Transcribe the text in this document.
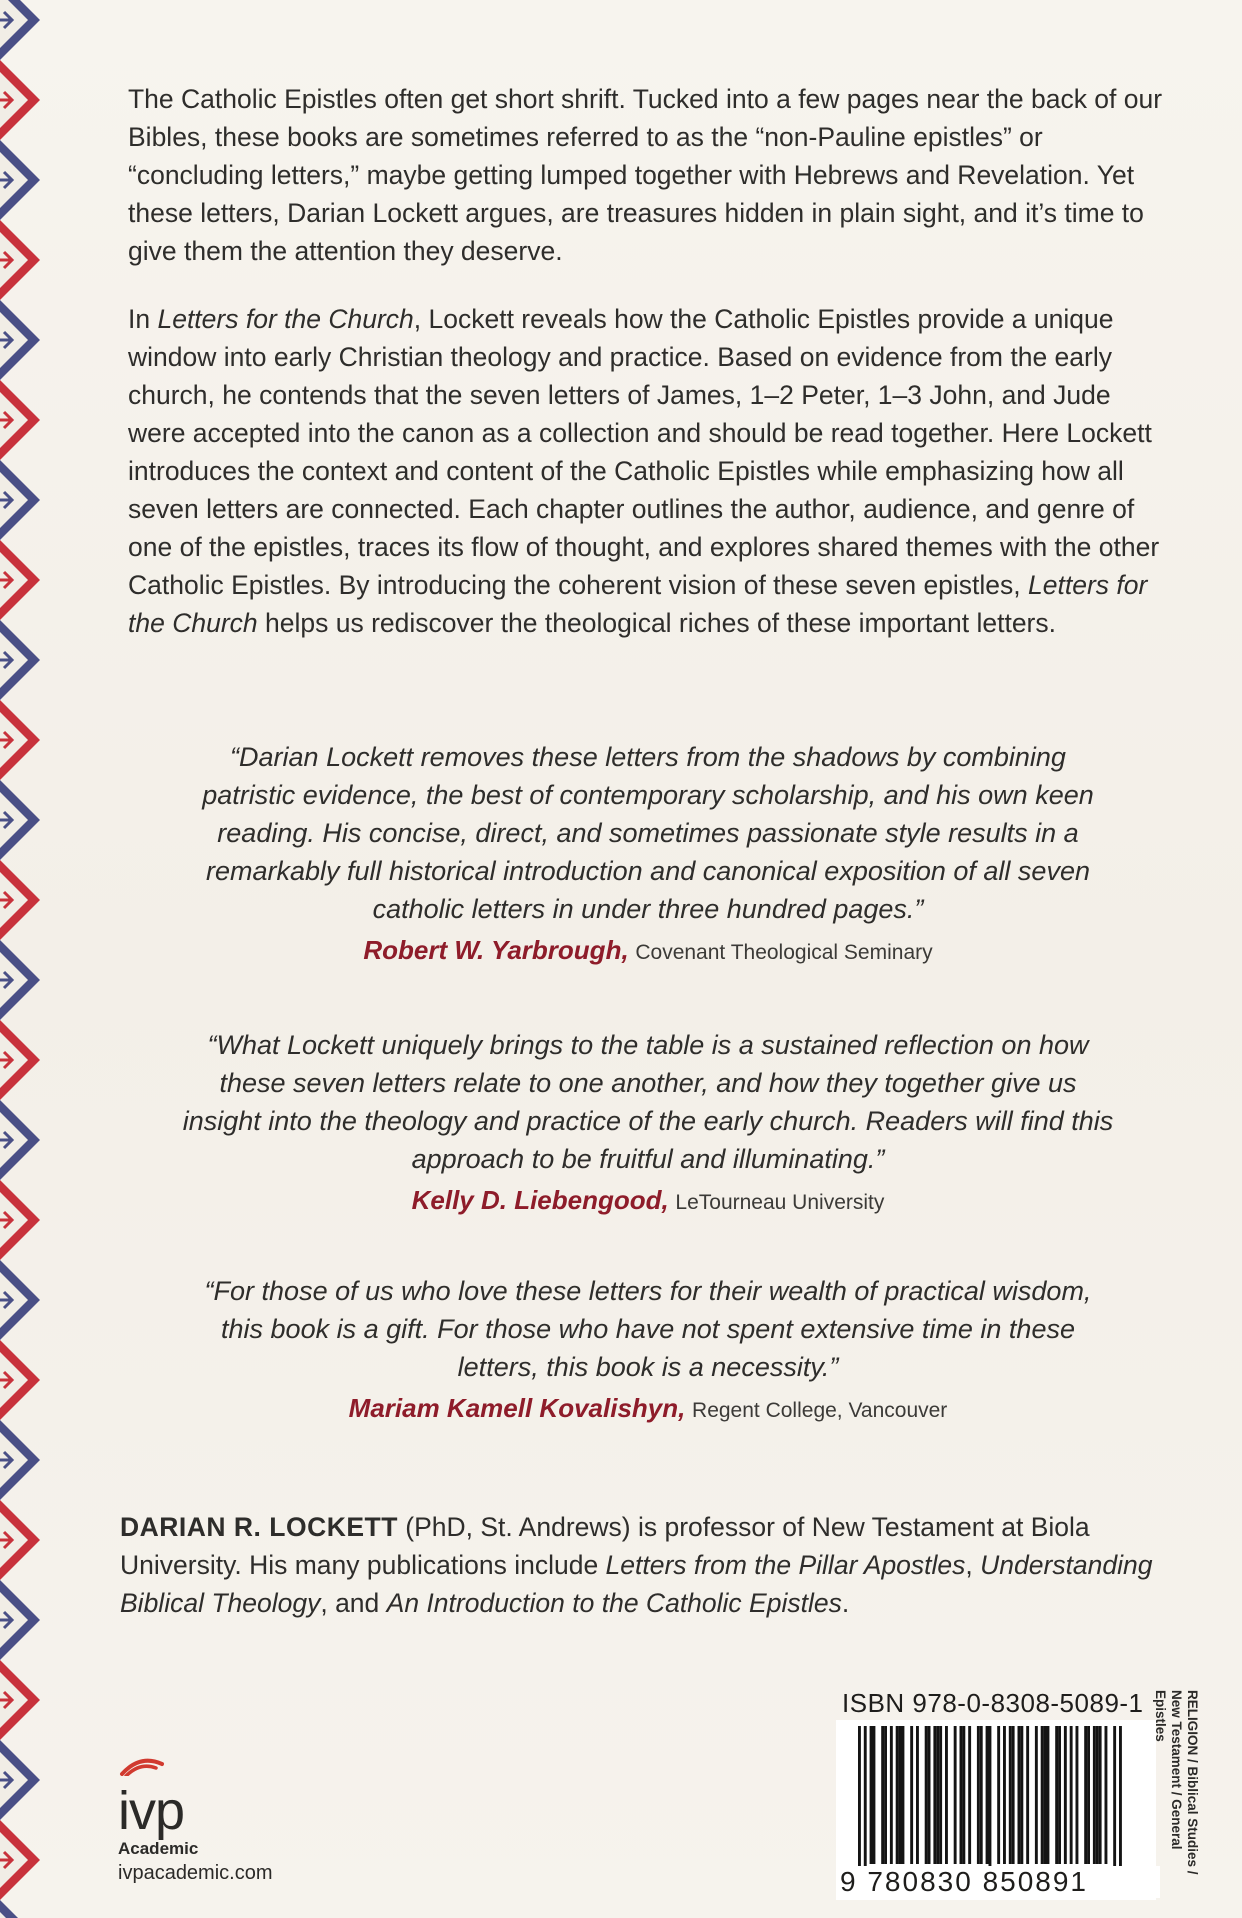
The Catholic Epistles often get short shrift. Tucked into a few pages near the back of our Bibles, these books are sometimes referred to as the “non-Pauline epistles” or “concluding letters,” maybe getting lumped together with Hebrews and Revelation. Yet these letters, Darian Lockett argues, are treasures hidden in plain sight, and it’s time to give them the attention they deserve.
In Letters for the Church, Lockett reveals how the Catholic Epistles provide a unique window into early Christian theology and practice. Based on evidence from the early church, he contends that the seven letters of James, 1–2 Peter, 1–3 John, and Jude were accepted into the canon as a collection and should be read together. Here Lockett introduces the context and content of the Catholic Epistles while emphasizing how all seven letters are connected. Each chapter outlines the author, audience, and genre of one of the epistles, traces its flow of thought, and explores shared themes with the other Catholic Epistles. By introducing the coherent vision of these seven epistles, Letters for the Church helps us rediscover the theological riches of these important letters.
“Darian Lockett removes these letters from the shadows by combining patristic evidence, the best of contemporary scholarship, and his own keen reading. His concise, direct, and sometimes passionate style results in a remarkably full historical introduction and canonical exposition of all seven catholic letters in under three hundred pages.”
Robert W. Yarbrough, Covenant Theological Seminary
“What Lockett uniquely brings to the table is a sustained reflection on how these seven letters relate to one another, and how they together give us insight into the theology and practice of the early church. Readers will find this approach to be fruitful and illuminating.”
Kelly D. Liebengood, LeTourneau University
“For those of us who love these letters for their wealth of practical wisdom, this book is a gift. For those who have not spent extensive time in these letters, this book is a necessity.”
Mariam Kamell Kovalishyn, Regent College, Vancouver
DARIAN R. LOCKETT (PhD, St. Andrews) is professor of New Testament at Biola University. His many publications include Letters from the Pillar Apostles, Understanding Biblical Theology, and An Introduction to the Catholic Epistles.
ivp
Academic
ivpacademic.com
ISBN 978-0-8308-5089-1
9 780830 850891
RELIGION / Biblical Studies / New Testament / General Epistles
